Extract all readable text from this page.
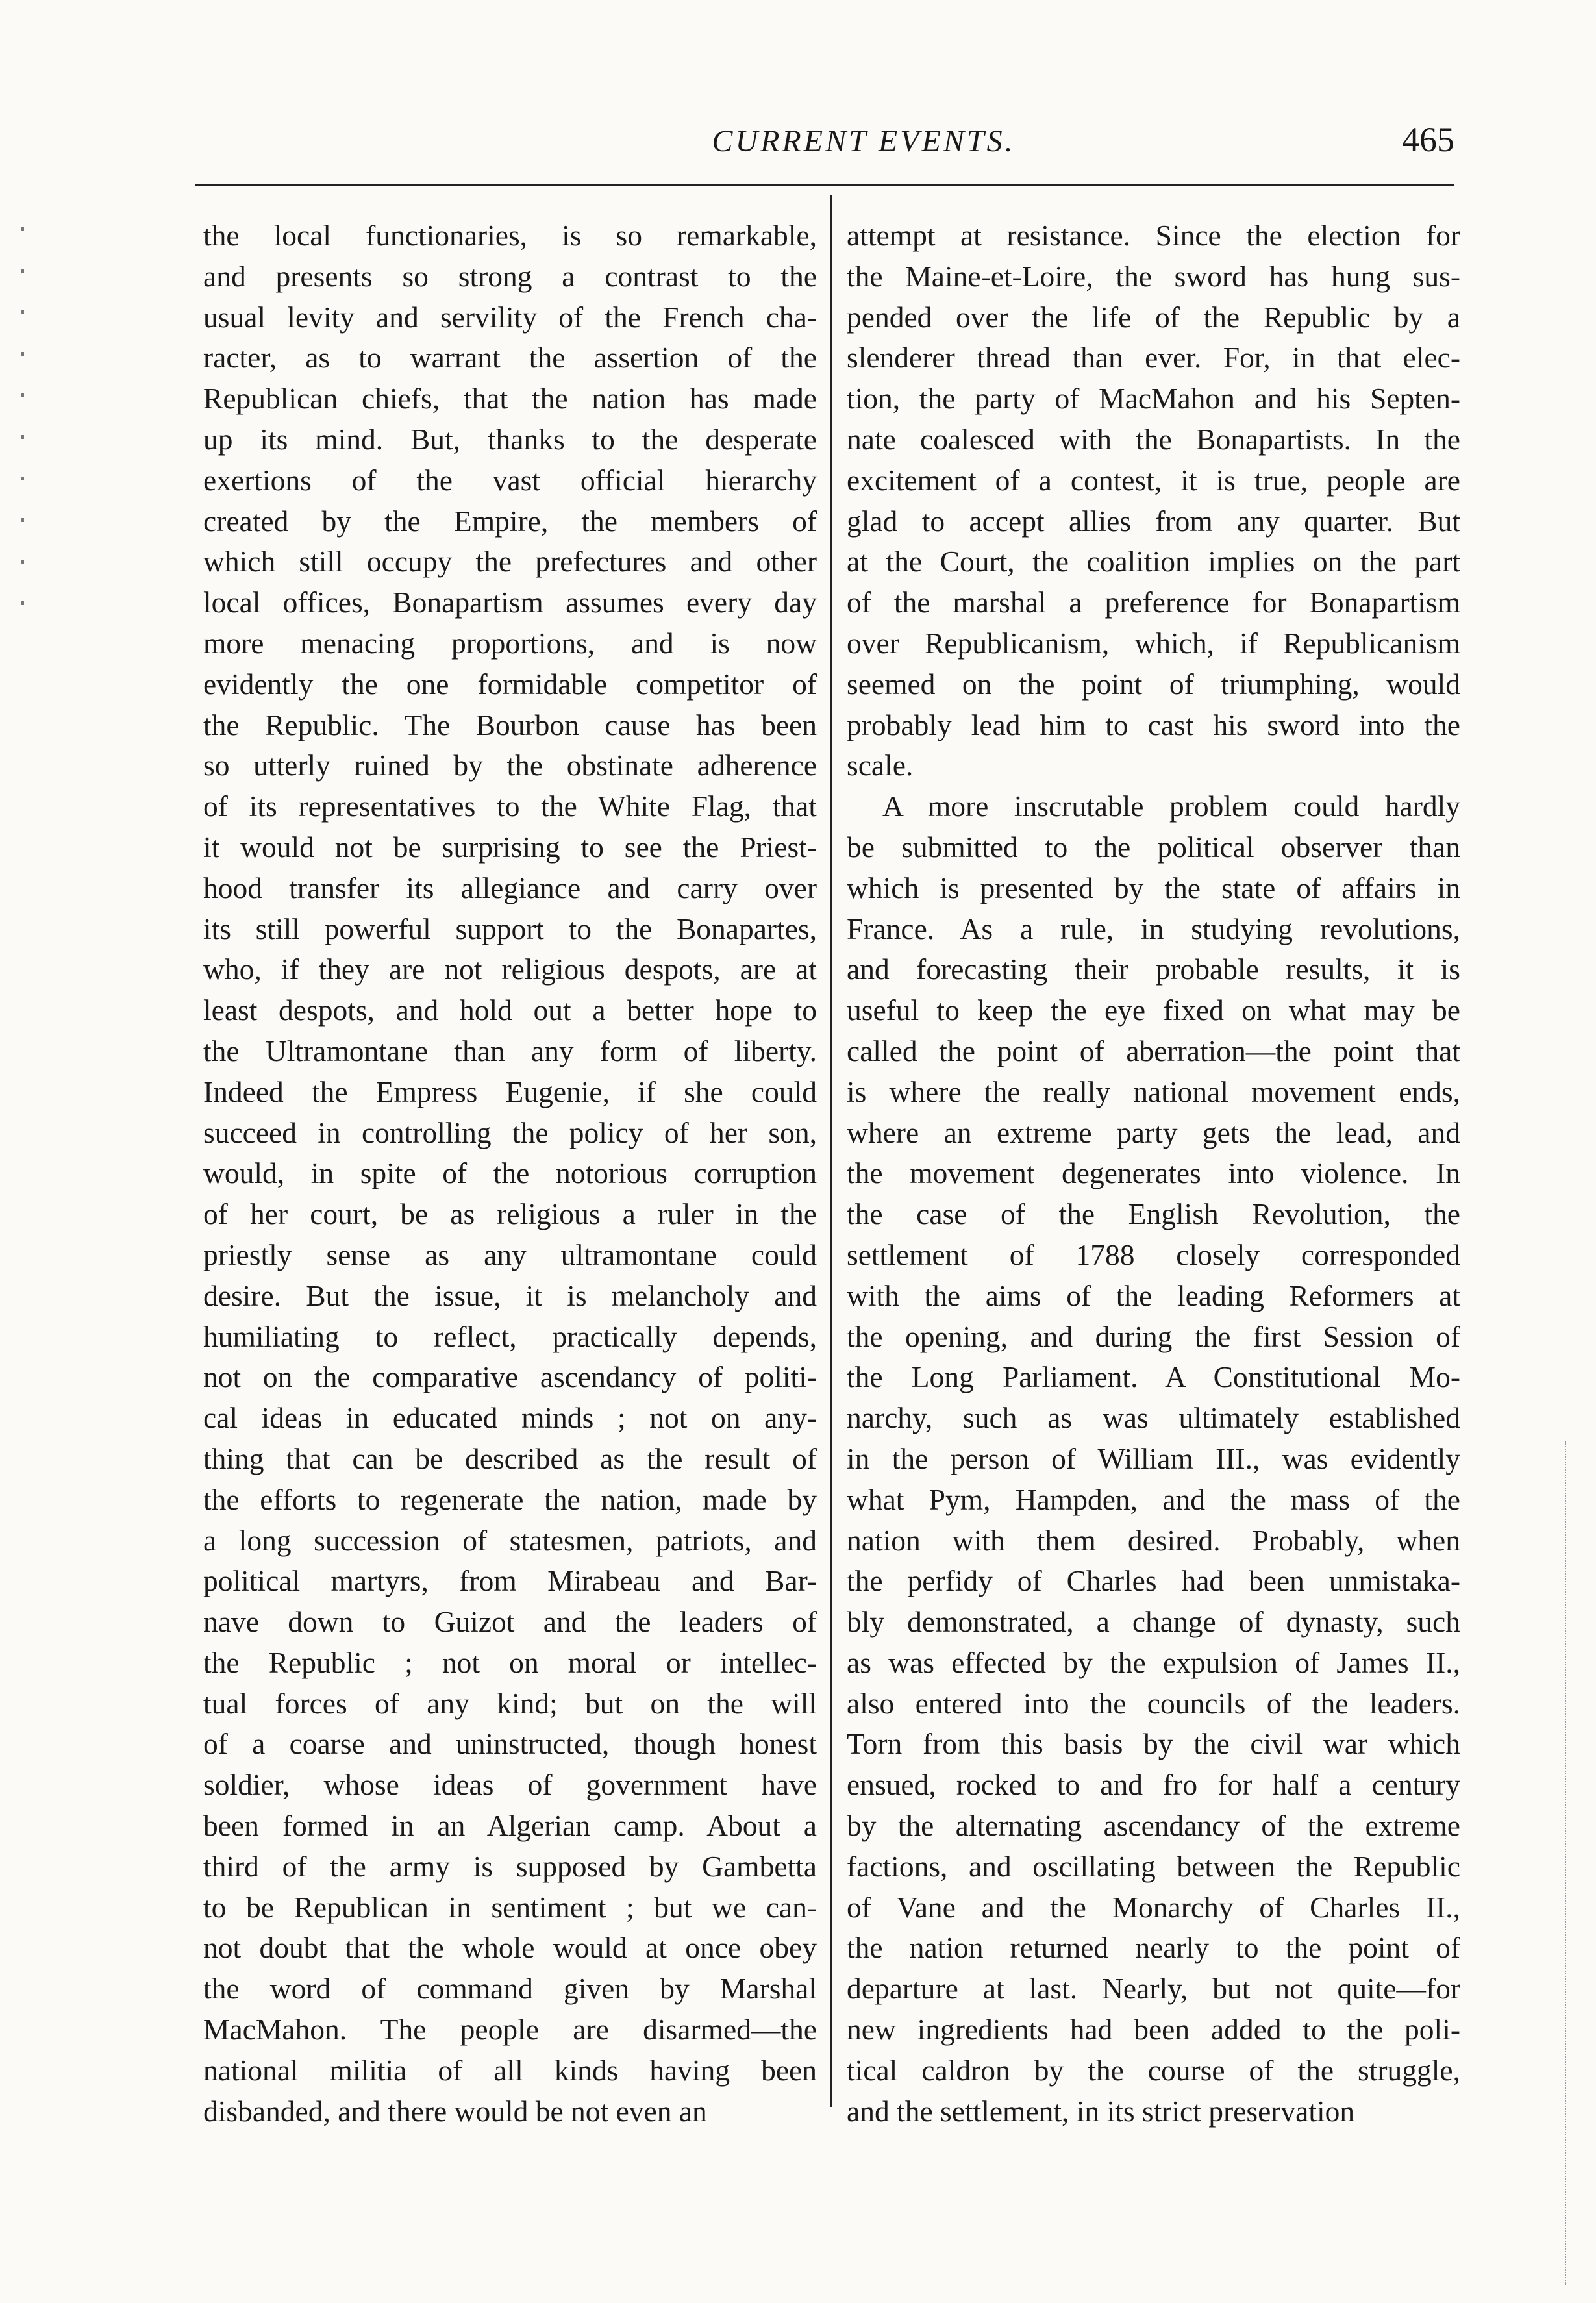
CURRENT EVENTS.	465
the local functionaries, is so remarkable,
and presents so strong a contrast to the
usual levity and servility of the French cha-
racter, as to warrant the assertion of the
Republican chiefs, that the nation has made
up its mind. But, thanks to the desperate
exertions of the vast official hierarchy
created by the Empire, the members of
which still occupy the prefectures and other
local offices, Bonapartism assumes every day
more menacing proportions, and is now
evidently the one formidable competitor of
the Republic. The Bourbon cause has been
so utterly ruined by the obstinate adherence
of its representatives to the White Flag, that
it would not be surprising to see the Priest-
hood transfer its allegiance and carry over
its still powerful support to the Bonapartes,
who, if they are not religious despots, are at
least despots, and hold out a better hope to
the Ultramontane than any form of liberty.
Indeed the Empress Eugenie, if she could
succeed in controlling the policy of her son,
would, in spite of the notorious corruption
of her court, be as religious a ruler in the
priestly sense as any ultramontane could
desire. But the issue, it is melancholy and
humiliating to reflect, practically depends,
not on the comparative ascendancy of politi-
cal ideas in educated minds ; not on any-
thing that can be described as the result of
the efforts to regenerate the nation, made by
a long succession of statesmen, patriots, and
political martyrs, from Mirabeau and Bar-
nave down to Guizot and the leaders of
the Republic ; not on moral or intellec-
tual forces of any kind; but on the will
of a coarse and uninstructed, though honest
soldier, whose ideas of government have
been formed in an Algerian camp. About a
third of the army is supposed by Gambetta
to be Republican in sentiment ; but we can-
not doubt that the whole would at once obey
the word of command given by Marshal
MacMahon. The people are disarmed—the
national militia of all kinds having been
disbanded, and there would be not even an
attempt at resistance. Since the election for
the Maine-et-Loire, the sword has hung sus-
pended over the life of the Republic by a
slenderer thread than ever. For, in that elec-
tion, the party of MacMahon and his Septen-
nate coalesced with the Bonapartists. In the
excitement of a contest, it is true, people are
glad to accept allies from any quarter. But
at the Court, the coalition implies on the part
of the marshal a preference for Bonapartism
over Republicanism, which, if Republicanism
seemed on the point of triumphing, would
probably lead him to cast his sword into the
scale.
A more inscrutable problem could hardly
be submitted to the political observer than
which is presented by the state of affairs in
France. As a rule, in studying revolutions,
and forecasting their probable results, it is
useful to keep the eye fixed on what may be
called the point of aberration—the point that
is where the really national movement ends,
where an extreme party gets the lead, and
the movement degenerates into violence. In
the case of the English Revolution, the
settlement of 1788 closely corresponded
with the aims of the leading Reformers at
the opening, and during the first Session of
the Long Parliament. A Constitutional Mo-
narchy, such as was ultimately established
in the person of William III., was evidently
what Pym, Hampden, and the mass of the
nation with them desired. Probably, when
the perfidy of Charles had been unmistaka-
bly demonstrated, a change of dynasty, such
as was effected by the expulsion of James II.,
also entered into the councils of the leaders.
Torn from this basis by the civil war which
ensued, rocked to and fro for half a century
by the alternating ascendancy of the extreme
factions, and oscillating between the Republic
of Vane and the Monarchy of Charles II.,
the nation returned nearly to the point of
departure at last. Nearly, but not quite—for
new ingredients had been added to the poli-
tical caldron by the course of the struggle,
and the settlement, in its strict preservation
